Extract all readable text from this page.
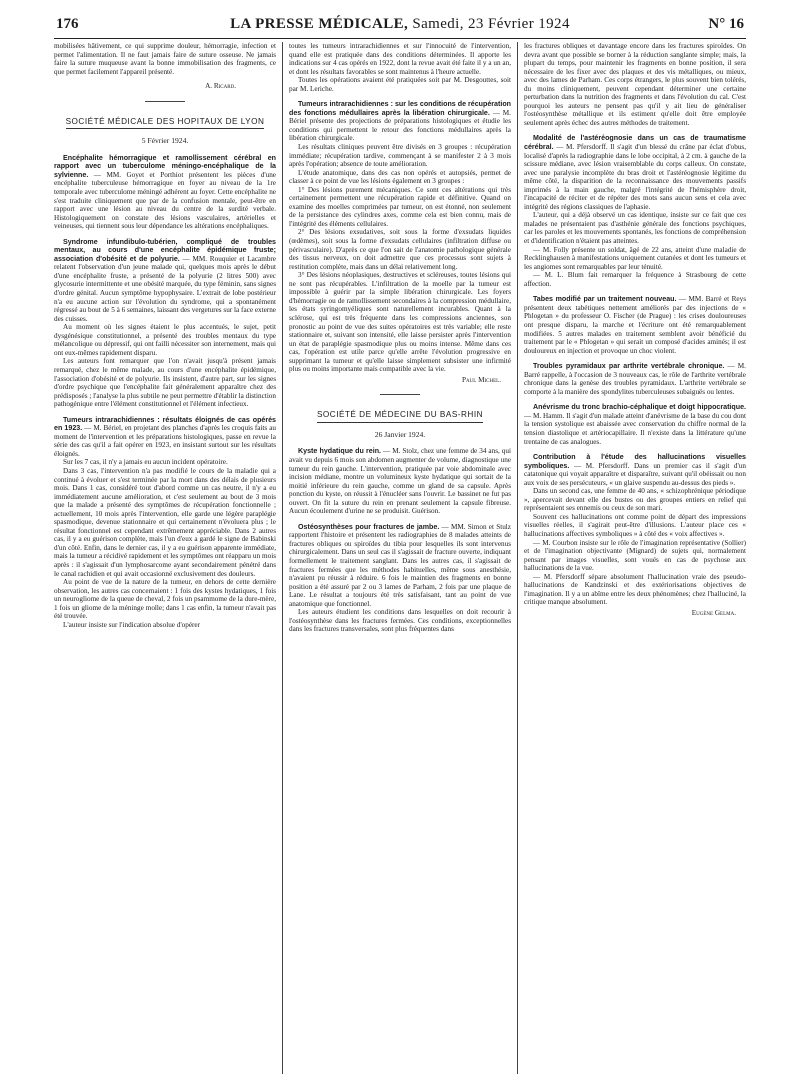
176	LA PRESSE MÉDICALE, Samedi, 23 Février 1924	N° 16

mobilisées hâtivement, ce qui supprime douleur, hémorragie, infection et permet l'alimentation. Il ne faut jamais faire de suture osseuse. Ne jamais faire la suture muqueuse avant la bonne immobilisation des fragments, ce que permet facilement l'appareil présenté.

A. Ricard.

SOCIÉTÉ MÉDICALE DES HOPITAUX DE LYON

5 Février 1924.

Encéphalite hémorragique et ramollissement cérébral en rapport avec un tuberculome méningo-encéphalique de la sylvienne. — MM. Goyet et Porthiot présentent les pièces d'une encéphalite tuberculeuse hémorragique en foyer au niveau de la 1re temporale avec tuberculome méningé adhérent au foyer. Cette encéphalite ne s'est traduite cliniquement que par de la confusion mentale, peut-être en rapport avec une lésion au niveau du centre de la surdité verbale. Histologiquement on constate des lésions vasculaires, artérielles et veineuses, qui tiennent sous leur dépendance les altérations encéphaliques.

Syndrome infundibulo-tubérien, compliqué de troubles mentaux, au cours d'une encéphalite épidémique fruste; association d'obésité et de polyurie. — MM. Rouquier et Lacambre relatent l'observation d'un jeune malade qui, quelques mois après le début d'une encéphalite fruste, a présenté de la polyurie (2 litres 500) avec glycosurie intermittente et une obésité marquée, du type féminin, sans signes d'ordre génital. Aucun symptôme hypophysaire. L'extrait de lobe postérieur n'a eu aucune action sur l'évolution du syndrome, qui a spontanément régressé au bout de 5 à 6 semaines, laissant des vergetures sur la face externe des cuisses.

Au moment où les signes étaient le plus accentués, le sujet, petit dysgénésique constitutionnel, a présenté des troubles mentaux du type mélancolique ou dépressif, qui ont failli nécessiter son internement, mais qui ont eux-mêmes rapidement disparu.

Les auteurs font remarquer que l'on n'avait jusqu'à présent jamais remarqué, chez le même malade, au cours d'une encéphalite épidémique, l'association d'obésité et de polyurie. Ils insistent, d'autre part, sur les signes d'ordre psychique que l'encéphalite fait généralement apparaître chez des prédisposés ; l'analyse la plus subtile ne peut permettre d'établir la distinction pathogénique entre l'élément constitutionnel et l'élément infectieux.

Tumeurs intrarachidiennes : résultats éloignés de cas opérés en 1923. — M. Bériel, en projetant des planches d'après les croquis faits au moment de l'intervention et les préparations histologiques, passe en revue la série des cas qu'il a fait opérer en 1923, en insistant surtout sur les résultats éloignés.

Sur les 7 cas, il n'y a jamais eu aucun incident opératoire.

Dans 3 cas, l'intervention n'a pas modifié le cours de la maladie qui a continué à évoluer et s'est terminée par la mort dans des délais de plusieurs mois. Dans 1 cas, considéré tout d'abord comme un cas neutre, il n'y a eu immédiatement aucune amélioration, et c'est seulement au bout de 3 mois que la malade a présenté des symptômes de récupération fonctionnelle ; actuellement, 10 mois après l'intervention, elle garde une légère paraplégie spasmodique, devenue stationnaire et qui certainement n'évoluera plus ; le résultat fonctionnel est cependant extrêmement appréciable. Dans 2 autres cas, il y a eu guérison complète, mais l'un d'eux a gardé le signe de Babinski d'un côté. Enfin, dans le dernier cas, il y a eu guérison apparente immédiate, mais la tumeur a récidivé rapidement et les symptômes ont réapparu un mois après : il s'agissait d'un lymphosarcome ayant secondairement pénétré dans le canal rachidien et qui avait occasionné exclusivement des douleurs.

Au point de vue de la nature de la tumeur, en dehors de cette dernière observation, les autres cas concernaient : 1 fois des kystes hydatiques, 1 fois un neurogliome de la queue de cheval, 2 fois un psammome de la dure-mère, 1 fois un gliome de la méninge molle; dans 1 cas enfin, la tumeur n'avait pas été trouvée.

L'auteur insiste sur l'indication absolue d'opérer

toutes les tumeurs intrarachidiennes et sur l'innocuité de l'intervention, quand elle est pratiquée dans des conditions déterminées. Il apporte les indications sur 4 cas opérés en 1922, dont la revue avait été faite il y a un an, et dont les résultats favorables se sont maintenus à l'heure actuelle.

Toutes les opérations avaient été pratiquées soit par M. Desgouttes, soit par M. Leriche.

Tumeurs intrarachidiennes : sur les conditions de récupération des fonctions médullaires après la libération chirurgicale. — M. Bériel présente des projections de préparations histologiques et étudie les conditions qui permettent le retour des fonctions médullaires après la libération chirurgicale.

Les résultats cliniques peuvent être divisés en 3 groupes : récupération immédiate; récupération tardive, commençant à se manifester 2 à 3 mois après l'opération; absence de toute amélioration.

L'étude anatomique, dans des cas non opérés et autopsiés, permet de classer à ce point de vue les lésions également en 3 groupes :

1° Des lésions purement mécaniques. Ce sont ces altérations qui très certainement permettent une récupération rapide et définitive. Quand on examine des moelles comprimées par tumeur, on est étonné, non seulement de la persistance des cylindres axes, comme cela est bien connu, mais de l'intégrité des éléments cellulaires.

2° Des lésions exsudatives, soit sous la forme d'exsudats liquides (œdèmes), soit sous la forme d'exsudats cellulaires (infiltration diffuse ou périvasculaire). D'après ce que l'on sait de l'anatomie pathologique générale des tissus nerveux, on doit admettre que ces processus sont sujets à restitution complète, mais dans un délai relativement long.

3° Des lésions néoplasiques, destructives et scléreuses, toutes lésions qui ne sont pas récupérables. L'infiltration de la moelle par la tumeur est impossible à guérir par la simple libération chirurgicale. Les foyers d'hémorragie ou de ramollissement secondaires à la compression médullaire, les états syringomyéliques sont naturellement incurables. Quant à la sclérose, qui est très fréquente dans les compressions anciennes, son pronostic au point de vue des suites opératoires est très variable; elle reste stationnaire et, suivant son intensité, elle laisse persister après l'intervention un état de paraplégie spasmodique plus ou moins intense. Même dans ces cas, l'opération est utile parce qu'elle arrête l'évolution progressive en supprimant la tumeur et qu'elle laisse simplement subsister une infirmité plus ou moins importante mais compatible avec la vie.

Paul Michel.

SOCIÉTÉ DE MÉDECINE DU BAS-RHIN

26 Janvier 1924.

Kyste hydatique du rein. — M. Stolz, chez une femme de 34 ans, qui avait vu depuis 6 mois son abdomen augmenter de volume, diagnostique une tumeur du rein gauche. L'intervention, pratiquée par voie abdominale avec incision médiane, montre un volumineux kyste hydatique qui sortait de la moitié inférieure du rein gauche, comme un gland de sa capsule. Après ponction du kyste, on réussit à l'énucléer sans l'ouvrir. Le bassinet ne fut pas ouvert. On fit la suture du rein en prenant seulement la capsule fibreuse. Aucun écoulement d'urine ne se produisit. Guérison.

Ostéosynthèses pour fractures de jambe. — MM. Simon et Stulz rapportent l'histoire et présentent les radiographies de 8 malades atteints de fractures obliques ou spiroïdes du tibia pour lesquelles ils sont intervenus chirurgicalement. Dans un seul cas il s'agissait de fracture ouverte, indiquant formellement le traitement sanglant. Dans les autres cas, il s'agissait de fractures fermées que les méthodes habituelles, même sous anesthésie, n'avaient pu réussir à réduire. 6 fois le maintien des fragments en bonne position a été assuré par 2 ou 3 lames de Parham, 2 fois par une plaque de Lane. Le résultat a toujours été très satisfaisant, tant au point de vue anatomique que fonctionnel.

Les auteurs étudient les conditions dans lesquelles on doit recourir à l'ostéosynthèse dans les fractures fermées. Ces conditions, exceptionnelles dans les fractures transversales, sont plus fréquentes dans

les fractures obliques et davantage encore dans les fractures spiroïdes. On devra avant que possible se borner à la réduction sanglante simple; mais, la plupart du temps, pour maintenir les fragments en bonne position, il sera nécessaire de les fixer avec des plaques et des vis métalliques, ou mieux, avec des lames de Parham. Ces corps étrangers, le plus souvent bien tolérés, du moins cliniquement, peuvent cependant déterminer une certaine perturbation dans la nutrition des fragments et dans l'évolution du cal. C'est pourquoi les auteurs ne pensent pas qu'il y ait lieu de généraliser l'ostéosynthèse métallique et ils estiment qu'elle doit être employée seulement après échec des autres méthodes de traitement.

Modalité de l'astéréognosie dans un cas de traumatisme cérébral. — M. Pfersdorff. Il s'agit d'un blessé du crâne par éclat d'obus, localisé d'après la radiographie dans le lobe occipital, à 2 cm. à gauche de la scissure médiane, avec lésion vraisemblable du corps calleux. On constate, avec une paralysie incomplète du bras droit et l'astéréognosie légitime du même côté, la disparition de la reconnaissance des mouvements passifs imprimés à la main gauche, malgré l'intégrité de l'hémisphère droit, l'incapacité de réciter et de répéter des mots sans aucun sens et cela avec intégrité des régions classiques de l'aphasie.

L'auteur, qui a déjà observé un cas identique, insiste sur ce fait que ces malades ne présentaient pas d'asthénie générale des fonctions psychiques, car les paroles et les mouvements spontanés, les fonctions de compréhension et d'identification n'étaient pas atteintes.

— M. Folly présente un soldat, âgé de 22 ans, atteint d'une maladie de Recklinghausen à manifestations uniquement cutanées et dont les tumeurs et les angiomes sont remarquables par leur ténuité.

— M. L. Blum fait remarquer la fréquence à Strasbourg de cette affection.

Tabes modifié par un traitement nouveau. — MM. Barré et Reys présentent deux tabétiques nettement améliorés par des injections de « Phlogetan » du professeur O. Fischer (de Prague) : les crises douloureuses ont presque disparu, la marche et l'écriture ont été remarquablement modifiées. 5 autres malades en traitement semblent avoir bénéficié du traitement par le « Phlogetan » qui serait un composé d'acides aminés; il est douloureux en injection et provoque un choc violent.

Troubles pyramidaux par arthrite vertébrale chronique. — M. Barré rappelle, à l'occasion de 3 nouveaux cas, le rôle de l'arthrite vertébrale chronique dans la genèse des troubles pyramidaux. L'arthrite vertébrale se comporte à la manière des spondylites tuberculeuses subaiguës ou lentes.

Anévrisme du tronc brachio-céphalique et doigt hippocratique. — M. Hamm. Il s'agit d'un malade atteint d'anévrisme de la base du cou dont la tension systolique est abaissée avec conservation du chiffre normal de la tension diastolique et artériocapillaire. Il n'existe dans la littérature qu'une trentaine de cas analogues.

Contribution à l'étude des hallucinations visuelles symboliques. — M. Pfersdorff. Dans un premier cas il s'agit d'un catatonique qui voyait apparaître et disparaître, suivant qu'il obéissait ou non aux voix de ses persécuteurs, « un glaive suspendu au-dessus des pieds ».

Dans un second cas, une femme de 40 ans, « schizophrénique périodique », apercevait devant elle des bustes ou des groupes entiers en relief qui représentaient ses ennemis ou ceux de son mari.

Souvent ces hallucinations ont comme point de départ des impressions visuelles réelles, il s'agirait peut-être d'illusions. L'auteur place ces « hallucinations affectives symboliques » à côté des « voix affectives ».

— M. Courbon insiste sur le rôle de l'imagination représentative (Sollier) et de l'imagination objectivante (Mignard) de sujets qui, normalement pensant par images visuelles, sont voués en cas de psychose aux hallucinations de la vue.

— M. Pfersdorff sépare absolument l'hallucination vraie des pseudo-hallucinations de Kandzinski et des extériorisations objectives de l'imagination. Il y a un abîme entre les deux phénomènes; chez l'halluciné, la critique manque absolument.

Eugène Gelma.
